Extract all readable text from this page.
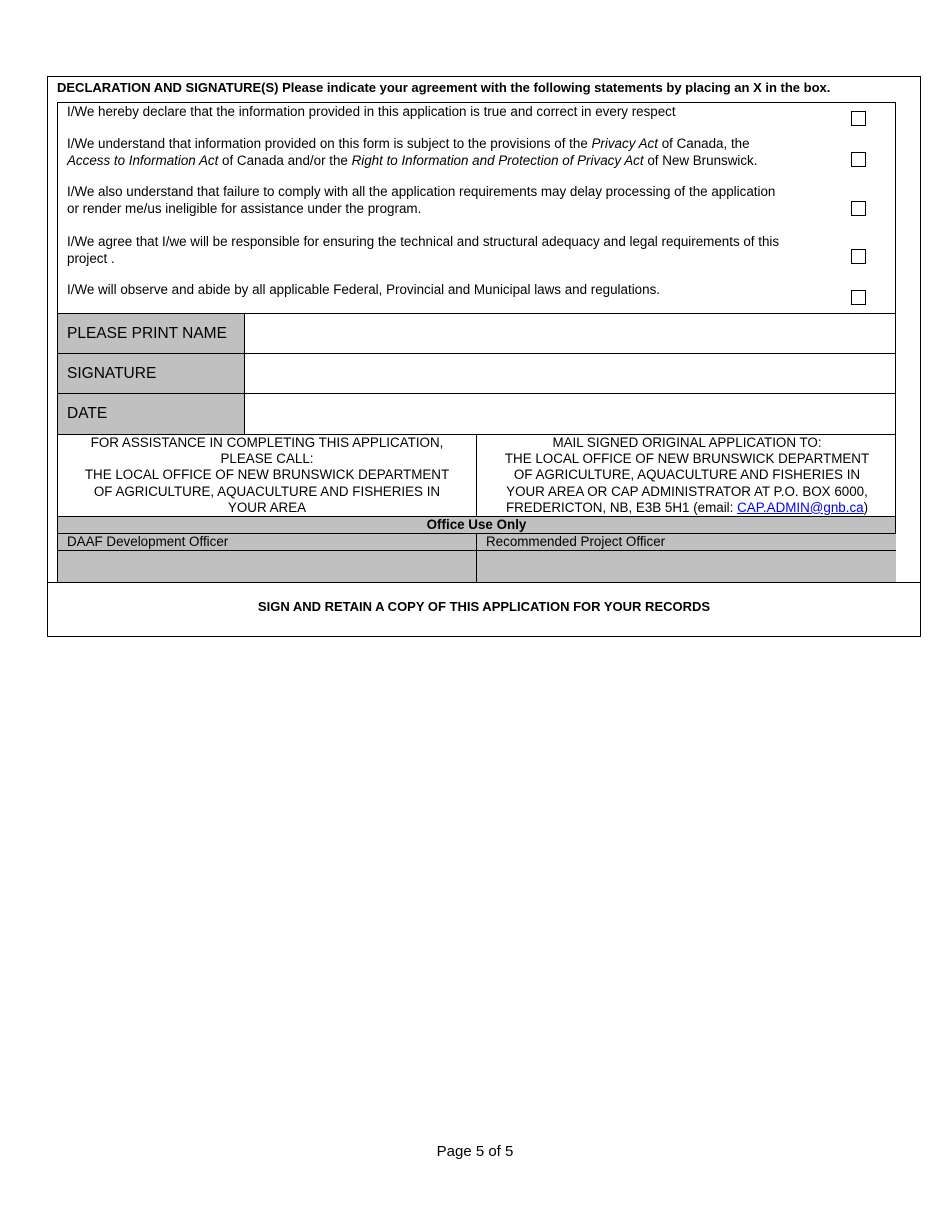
DECLARATION AND SIGNATURE(S) Please indicate your agreement with the following statements by placing an X in the box.
I/We hereby declare that the information provided in this application is true and correct in every respect
I/We understand that information provided on this form is subject to the provisions of the Privacy Act of Canada, the
Access to Information Act of Canada and/or the Right to Information and Protection of Privacy Act of New Brunswick.
I/We also understand that failure to comply with all the application requirements may delay processing of the application
or render me/us ineligible for assistance under the program.
I/We agree that I/we will be responsible for ensuring the technical and structural adequacy and legal requirements of this
project .
I/We will observe and abide by all applicable Federal, Provincial and Municipal laws and regulations.
PLEASE PRINT NAME
SIGNATURE
DATE
FOR ASSISTANCE IN COMPLETING THIS APPLICATION,
PLEASE CALL:
THE LOCAL OFFICE OF NEW BRUNSWICK DEPARTMENT
OF AGRICULTURE, AQUACULTURE AND FISHERIES IN
YOUR AREA
MAIL SIGNED ORIGINAL APPLICATION TO:
THE LOCAL OFFICE OF NEW BRUNSWICK DEPARTMENT
OF AGRICULTURE, AQUACULTURE AND FISHERIES IN
YOUR AREA OR CAP ADMINISTRATOR AT P.O. BOX 6000,
FREDERICTON, NB, E3B 5H1 (email: CAP.ADMIN@gnb.ca)
Office Use Only
DAAF Development Officer	Recommended Project Officer
SIGN AND RETAIN A COPY OF THIS APPLICATION FOR YOUR RECORDS
Page 5 of 5
